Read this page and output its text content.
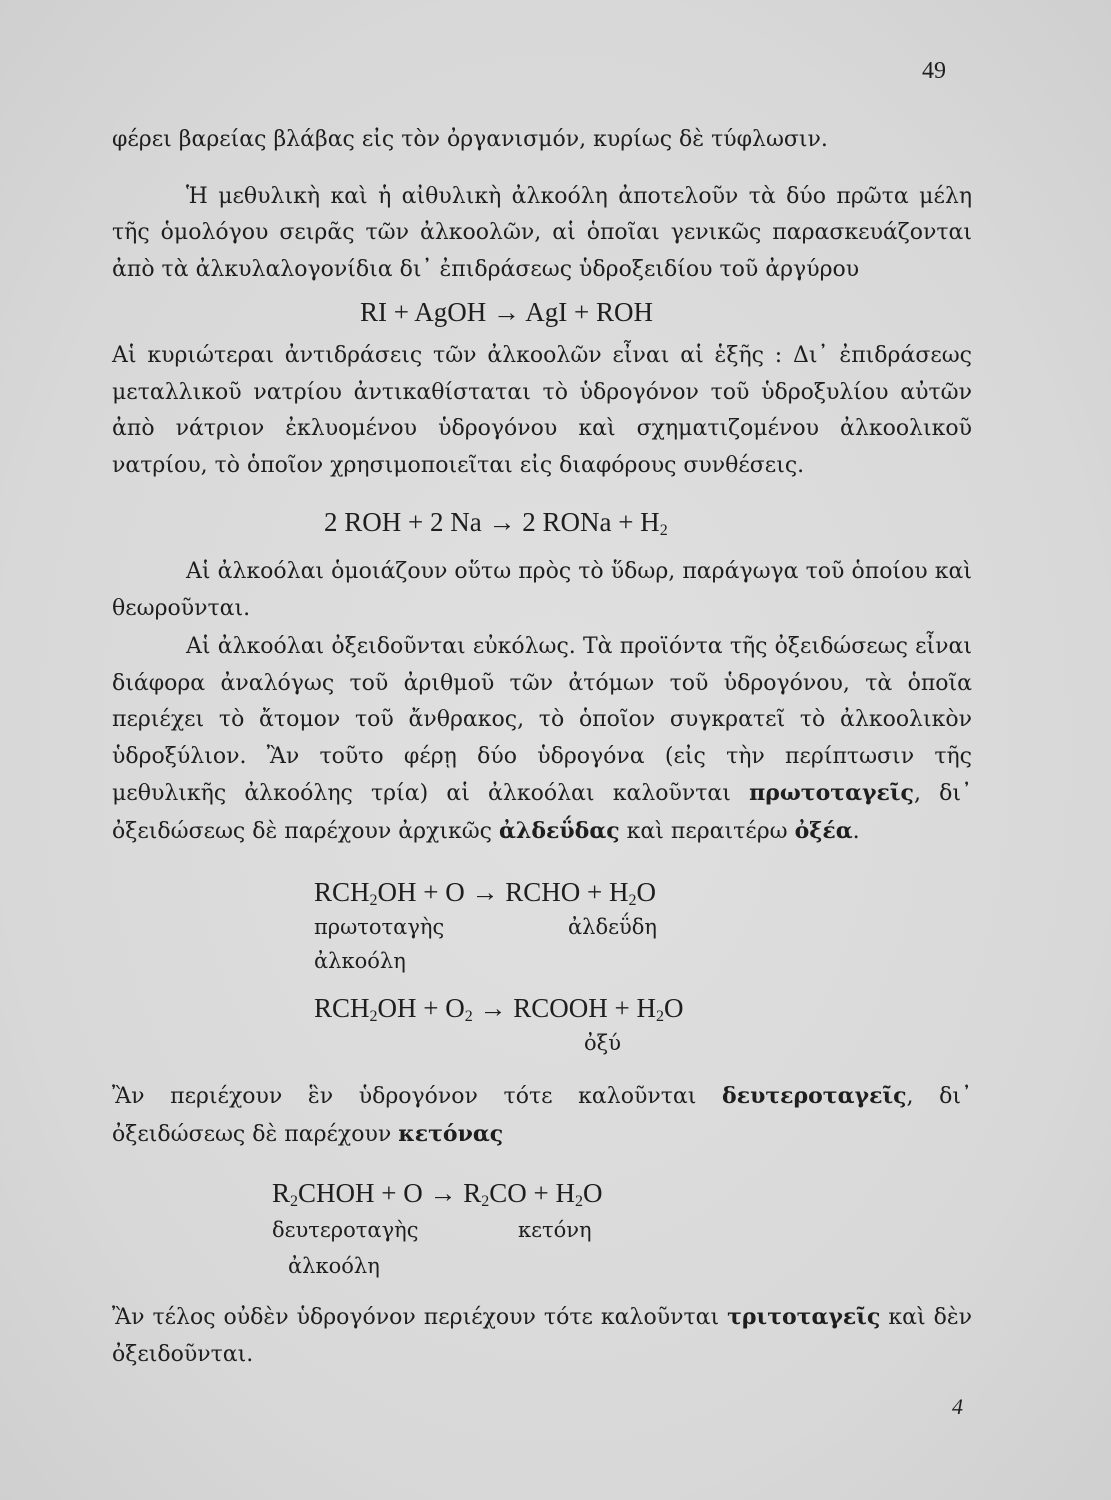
49

φέρει βαρείας βλάβας εἰς τὸν ὀργανισμόν, κυρίως δὲ τύφλωσιν.

Ἡ μεθυλικὴ καὶ ἡ αἰθυλικὴ ἀλκοόλη ἀποτελοῦν τὰ δύο πρῶτα μέλη τῆς ὁμολόγου σειρᾶς τῶν ἀλκοολῶν, αἱ ὁποῖαι γενικῶς παρασκευάζονται ἀπὸ τὰ ἀλκυλαλογονίδια δι᾽ ἐπιδράσεως ὑδροξειδίου τοῦ ἀργύρου

RI + AgOH → AgI + ROH

Αἱ κυριώτεραι ἀντιδράσεις τῶν ἀλκοολῶν εἶναι αἱ ἑξῆς : Δι᾽ ἐπιδράσεως μεταλλικοῦ νατρίου ἀντικαθίσταται τὸ ὑδρογόνον τοῦ ὑδροξυλίου αὐτῶν ἀπὸ νάτριον ἐκλυομένου ὑδρογόνου καὶ σχηματιζομένου ἀλκοολικοῦ νατρίου, τὸ ὁποῖον χρησιμοποιεῖται εἰς διαφόρους συνθέσεις.

2 ROH + 2 Na → 2 RONa + $H_2$

Αἱ ἀλκοόλαι ὁμοιάζουν οὕτω πρὸς τὸ ὕδωρ, παράγωγα τοῦ ὁποίου καὶ θεωροῦνται.

Αἱ ἀλκοόλαι ὀξειδοῦνται εὐκόλως. Τὰ προϊόντα τῆς ὀξειδώσεως εἶναι διάφορα ἀναλόγως τοῦ ἀριθμοῦ τῶν ἀτόμων τοῦ ὑδρογόνου, τὰ ὁποῖα περιέχει τὸ ἄτομον τοῦ ἄνθρακος, τὸ ὁποῖον συγκρατεῖ τὸ ἀλκοολικὸν ὑδροξύλιον. Ἂν τοῦτο φέρῃ δύο ὑδρογόνα (εἰς τὴν περίπτωσιν τῆς μεθυλικῆς ἀλκοόλης τρία) αἱ ἀλκοόλαι καλοῦνται πρωτοταγεῖς, δι᾽ ὀξειδώσεως δὲ παρέχουν ἀρχικῶς ἀλδεΰδας καὶ περαιτέρω ὀξέα.

$RCH_2OH + O$ → RCHO + $H_2O$

πρωτοταγὴς
ἀλκοόλη
ἀλδεΰδη

$RCH_2OH + O_2$ → RCOOH + $H_2O$

ὀξύ

Ἂν περιέχουν ἓν ὑδρογόνον τότε καλοῦνται δευτεροταγεῖς, δι᾽ ὀξειδώσεως δὲ παρέχουν κετόνας

$R_2CHOH + O \to R_2CO + H_2O$

δευτεροταγὴς
ἀλκοόλη
κετόνη

Ἂν τέλος οὐδὲν ὑδρογόνον περιέχουν τότε καλοῦνται τριτοταγεῖς καὶ δὲν ὀξειδοῦνται.

4
